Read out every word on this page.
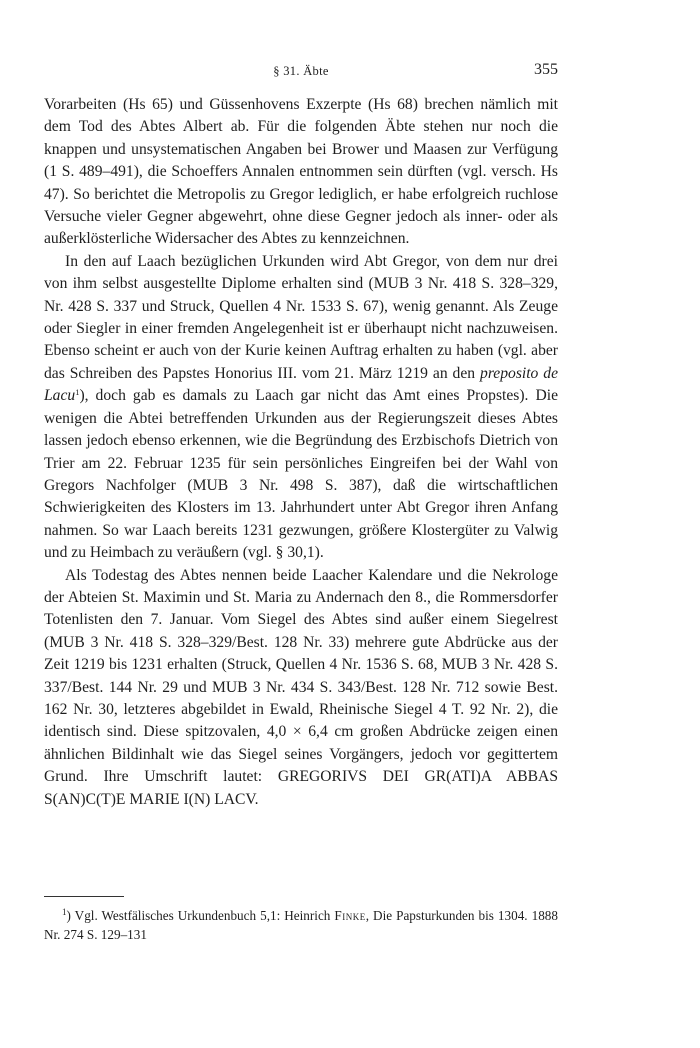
§ 31. Äbte	355

Vorarbeiten (Hs 65) und Güssenhovens Exzerpte (Hs 68) brechen nämlich mit dem Tod des Abtes Albert ab. Für die folgenden Äbte stehen nur noch die knappen und unsystematischen Angaben bei Brower und Maasen zur Verfügung (1 S. 489–491), die Schoeffers Annalen entnommen sein dürften (vgl. versch. Hs 47). So berichtet die Metropolis zu Gregor lediglich, er habe erfolgreich ruchlose Versuche vieler Gegner abgewehrt, ohne diese Gegner jedoch als inner- oder als außerklösterliche Widersacher des Abtes zu kennzeichnen.

In den auf Laach bezüglichen Urkunden wird Abt Gregor, von dem nur drei von ihm selbst ausgestellte Diplome erhalten sind (MUB 3 Nr. 418 S. 328–329, Nr. 428 S. 337 und Struck, Quellen 4 Nr. 1533 S. 67), wenig genannt. Als Zeuge oder Siegler in einer fremden Angelegenheit ist er überhaupt nicht nachzuweisen. Ebenso scheint er auch von der Kurie keinen Auftrag erhalten zu haben (vgl. aber das Schreiben des Papstes Honorius III. vom 21. März 1219 an den preposito de Lacu$^1$), doch gab es damals zu Laach gar nicht das Amt eines Propstes). Die wenigen die Abtei betreffenden Urkunden aus der Regierungszeit dieses Abtes lassen jedoch ebenso erkennen, wie die Begründung des Erzbischofs Dietrich von Trier am 22. Februar 1235 für sein persönliches Eingreifen bei der Wahl von Gregors Nachfolger (MUB 3 Nr. 498 S. 387), daß die wirtschaftlichen Schwierigkeiten des Klosters im 13. Jahrhundert unter Abt Gregor ihren Anfang nahmen. So war Laach bereits 1231 gezwungen, größere Klostergüter zu Valwig und zu Heimbach zu veräußern (vgl. § 30,1).

Als Todestag des Abtes nennen beide Laacher Kalendare und die Nekrologe der Abteien St. Maximin und St. Maria zu Andernach den 8., die Rommersdorfer Totenlisten den 7. Januar. Vom Siegel des Abtes sind außer einem Siegelrest (MUB 3 Nr. 418 S. 328–329/Best. 128 Nr. 33) mehrere gute Abdrücke aus der Zeit 1219 bis 1231 erhalten (Struck, Quellen 4 Nr. 1536 S. 68, MUB 3 Nr. 428 S. 337/Best. 144 Nr. 29 und MUB 3 Nr. 434 S. 343/Best. 128 Nr. 712 sowie Best. 162 Nr. 30, letzteres abgebildet in Ewald, Rheinische Siegel 4 T. 92 Nr. 2), die identisch sind. Diese spitzovalen, 4,0 × 6,4 cm großen Abdrücke zeigen einen ähnlichen Bildinhalt wie das Siegel seines Vorgängers, jedoch vor gegittertem Grund. Ihre Umschrift lautet: GREGORIVS DEI GR(ATI)A ABBAS S(AN)C(T)E MARIE I(N) LACV.

$^1$) Vgl. Westfälisches Urkundenbuch 5,1: Heinrich Finke, Die Papsturkunden bis 1304. 1888 Nr. 274 S. 129–131
